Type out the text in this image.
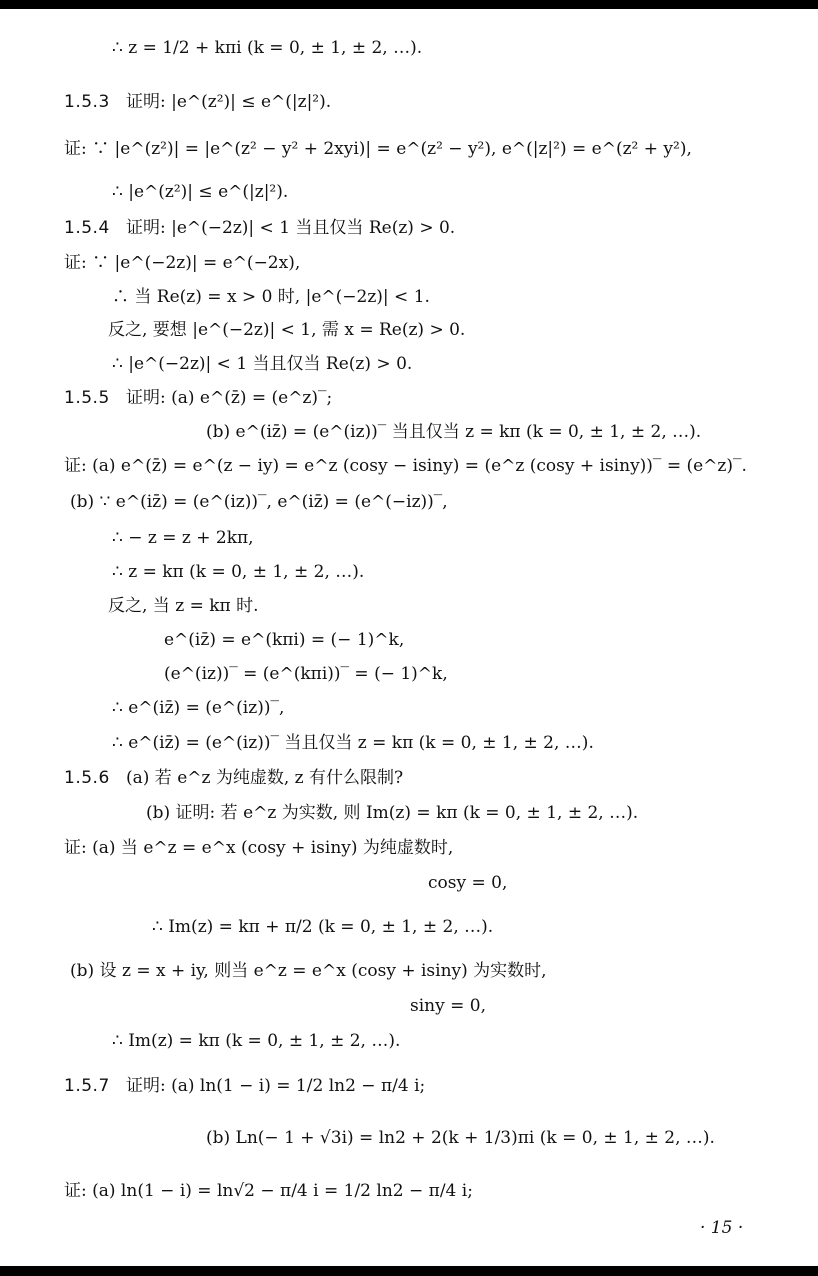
∴ z = 1/2 + kπi (k = 0, ± 1, ± 2, …).
1.5.3 证明: |e^(z²)| ≤ e^(|z|²).
证: ∵ |e^(z²)| = |e^(z² − y² + 2xyi)| = e^(z² − y²), e^(|z|²) = e^(z² + y²),
∴ |e^(z²)| ≤ e^(|z|²).
1.5.4 证明: |e^(−2z)| < 1 当且仅当 Re(z) > 0.
证: ∵ |e^(−2z)| = e^(−2x),
∴ 当 Re(z) = x > 0 时, |e^(−2z)| < 1.
反之, 要想 |e^(−2z)| < 1, 需 x = Re(z) > 0.
∴ |e^(−2z)| < 1 当且仅当 Re(z) > 0.
1.5.5 证明: (a) e^(z̄) = (e^z)‾;
(b) e^(iz̄) = (e^(iz))‾ 当且仅当 z = kπ (k = 0, ± 1, ± 2, …).
证: (a) e^(z̄) = e^(z − iy) = e^z (cosy − isiny) = (e^z (cosy + isiny))‾ = (e^z)‾.
(b) ∵ e^(iz̄) = (e^(iz))‾, e^(iz̄) = (e^(−iz))‾,
∴ − z = z + 2kπ,
∴ z = kπ (k = 0, ± 1, ± 2, …).
反之, 当 z = kπ 时.
e^(iz̄) = e^(kπi) = (− 1)^k,
(e^(iz))‾ = (e^(kπi))‾ = (− 1)^k,
∴ e^(iz̄) = (e^(iz))‾,
∴ e^(iz̄) = (e^(iz))‾ 当且仅当 z = kπ (k = 0, ± 1, ± 2, …).
1.5.6 (a) 若 e^z 为纯虚数, z 有什么限制?
(b) 证明: 若 e^z 为实数, 则 Im(z) = kπ (k = 0, ± 1, ± 2, …).
证: (a) 当 e^z = e^x (cosy + isiny) 为纯虚数时,
cosy = 0,
∴ Im(z) = kπ + π/2 (k = 0, ± 1, ± 2, …).
(b) 设 z = x + iy, 则当 e^z = e^x (cosy + isiny) 为实数时,
siny = 0,
∴ Im(z) = kπ (k = 0, ± 1, ± 2, …).
1.5.7 证明: (a) ln(1 − i) = 1/2 ln2 − π/4 i;
(b) Ln(− 1 + √3i) = ln2 + 2(k + 1/3)πi (k = 0, ± 1, ± 2, …).
证: (a) ln(1 − i) = ln√2 − π/4 i = 1/2 ln2 − π/4 i;
· 15 ·
